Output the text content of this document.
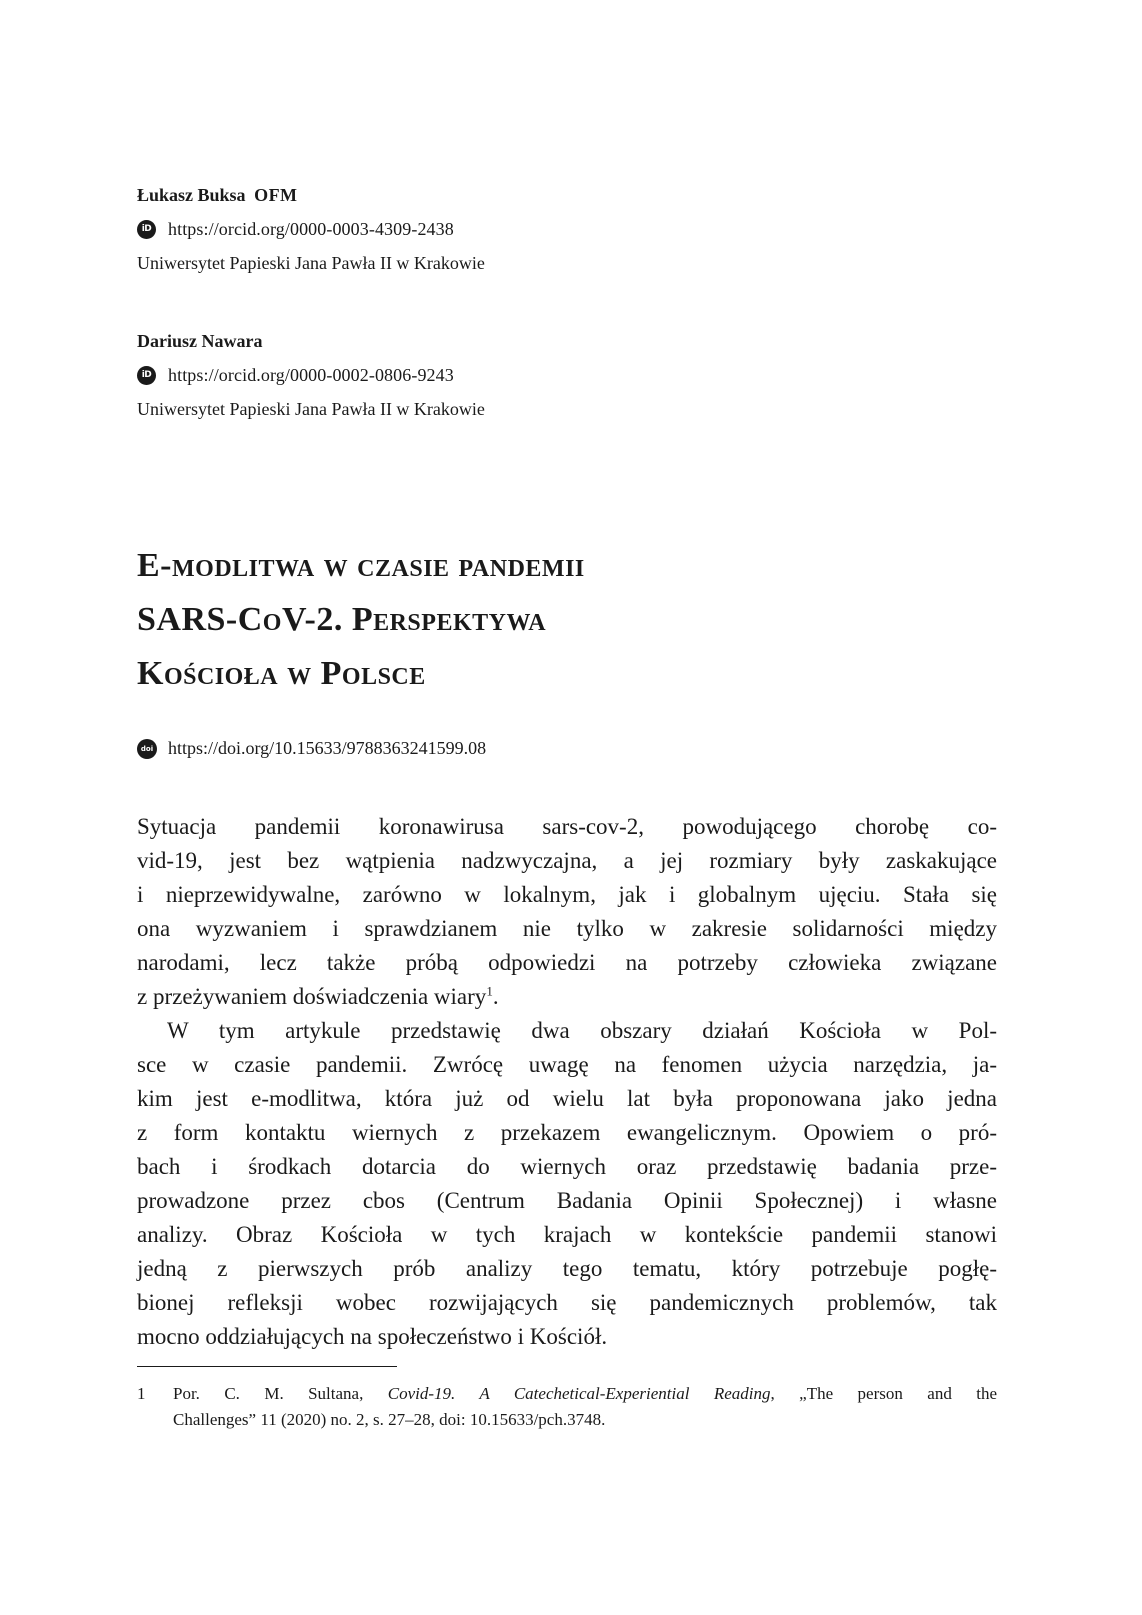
Łukasz Buksa OFM
iD https://orcid.org/0000-0003-4309-2438
Uniwersytet Papieski Jana Pawła II w Krakowie
Dariusz Nawara
iD https://orcid.org/0000-0002-0806-9243
Uniwersytet Papieski Jana Pawła II w Krakowie
E-modlitwa w czasie pandemii
SARS-CoV-2. Perspektywa
Kościoła w Polsce
doi https://doi.org/10.15633/9788363241599.08
Sytuacja pandemii koronawirusa sars-cov-2, powodującego chorobę co-
vid-19, jest bez wątpienia nadzwyczajna, a jej rozmiary były zaskakujące
i nieprzewidywalne, zarówno w lokalnym, jak i globalnym ujęciu. Stała się
ona wyzwaniem i sprawdzianem nie tylko w zakresie solidarności między
narodami, lecz także próbą odpowiedzi na potrzeby człowieka związane
z przeżywaniem doświadczenia wiary$^1$.
W tym artykule przedstawię dwa obszary działań Kościoła w Pol-
sce w czasie pandemii. Zwrócę uwagę na fenomen użycia narzędzia, ja-
kim jest e-modlitwa, która już od wielu lat była proponowana jako jedna
z form kontaktu wiernych z przekazem ewangelicznym. Opowiem o pró-
bach i środkach dotarcia do wiernych oraz przedstawię badania prze-
prowadzone przez cbos (Centrum Badania Opinii Społecznej) i własne
analizy. Obraz Kościoła w tych krajach w kontekście pandemii stanowi
jedną z pierwszych prób analizy tego tematu, który potrzebuje pogłę-
bionej refleksji wobec rozwijających się pandemicznych problemów, tak
mocno oddziałujących na społeczeństwo i Kościół.
1	Por. C. M. Sultana, Covid-19. A Catechetical-Experiential Reading, „The person and the
Challenges” 11 (2020) no. 2, s. 27–28, doi: 10.15633/pch.3748.
